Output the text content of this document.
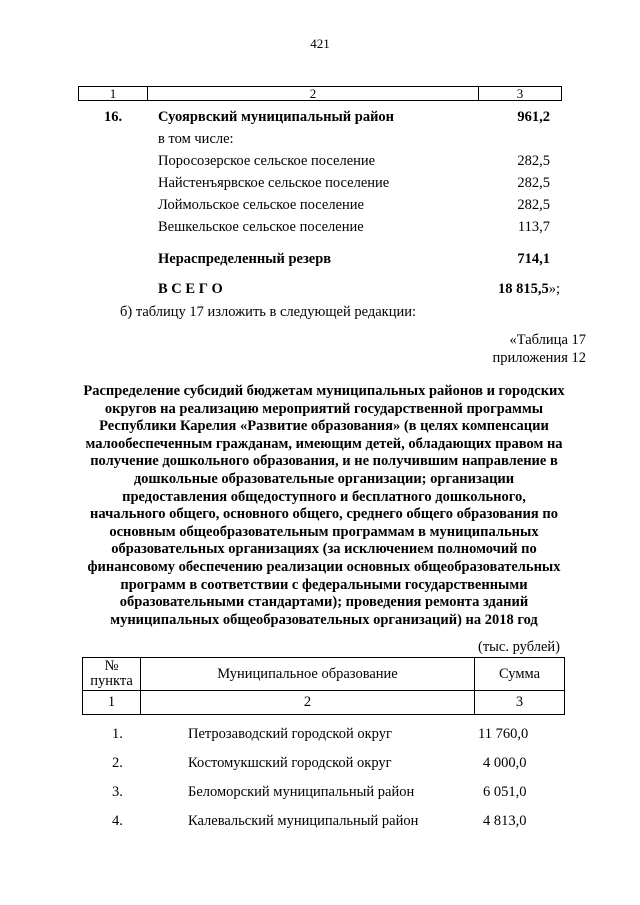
421
1	2	3
16. Суоярвский муниципальный район	961,2
в том числе:
Поросозерское сельское поселение	282,5
Найстенъярвское сельское поселение	282,5
Лоймольское сельское поселение	282,5
Вешкельское сельское поселение	113,7
Нераспределенный резерв	714,1
В С Е Г О	18 815,5»;
б) таблицу 17 изложить в следующей редакции:
«Таблица 17
приложения 12
Распределение субсидий бюджетам муниципальных районов и городских
округов на реализацию мероприятий государственной программы
Республики Карелия «Развитие образования» (в целях компенсации
малообеспеченным гражданам, имеющим детей, обладающих правом на
получение дошкольного образования, и не получившим направление в
дошкольные образовательные организации; организации
предоставления общедоступного и бесплатного дошкольного,
начального общего, основного общего, среднего общего образования по
основным общеобразовательным программам в муниципальных
образовательных организациях (за исключением полномочий по
финансовому обеспечению реализации основных общеобразовательных
программ в соответствии с федеральными государственными
образовательными стандартами); проведения ремонта зданий
муниципальных общеобразовательных организаций) на 2018 год
(тыс. рублей)
№
пункта	Муниципальное образование	Сумма
1	2	3
1.	Петрозаводский городской округ	11 760,0
2.	Костомукшский городской округ	4 000,0
3.	Беломорский муниципальный район	6 051,0
4.	Калевальский муниципальный район	4 813,0
